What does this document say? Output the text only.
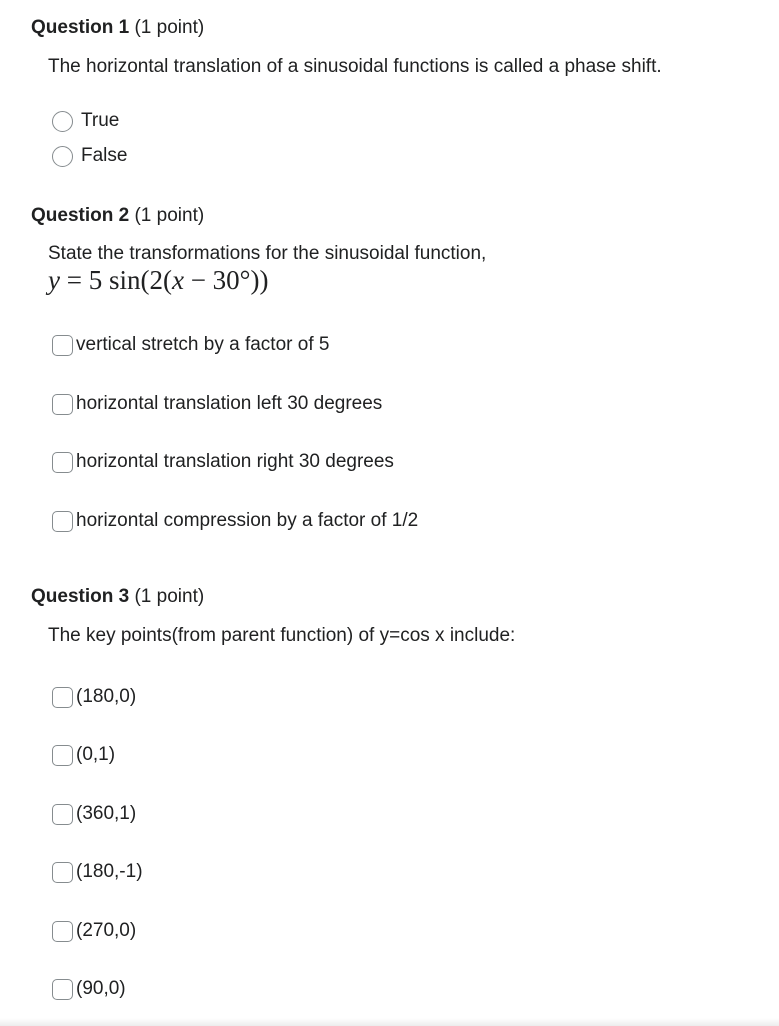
Question 1 (1 point)
The horizontal translation of a sinusoidal functions is called a phase shift.
True
False
Question 2 (1 point)
State the transformations for the sinusoidal function,
y = 5 sin(2(x − 30°))
vertical stretch by a factor of 5
horizontal translation left 30 degrees
horizontal translation right 30 degrees
horizontal compression by a factor of 1/2
Question 3 (1 point)
The key points(from parent function) of y=cos x include:
(180,0)
(0,1)
(360,1)
(180,-1)
(270,0)
(90,0)
